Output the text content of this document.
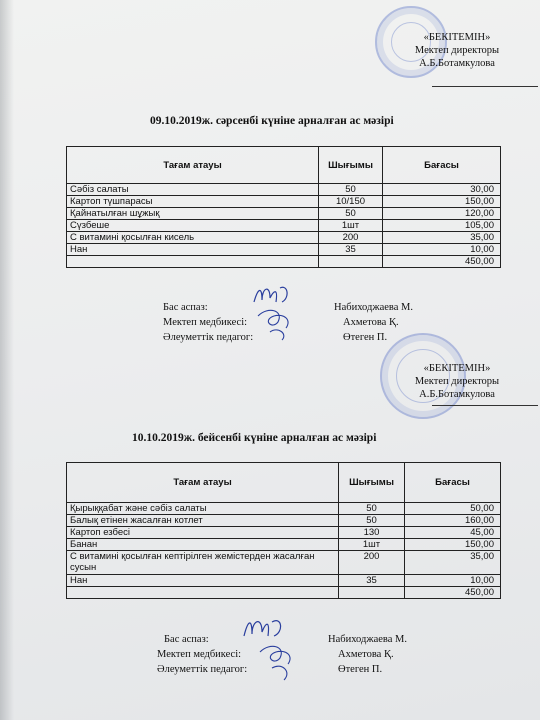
«БЕКІТЕМІН»
Мектеп директоры
А.Б.Ботамкулова
09.10.2019ж. сәрсенбі күніне арналған ас мәзірі
Тағам атауы	Шығымы	Бағасы
Сәбіз салаты	50	30,00
Картоп түшпарасы	10/150	150,00
Қайнатылған шұжық	50	120,00
Сүзбеше	1шт	105,00
С витамині қосылған кисель	200	35,00
Нан	35	10,00
		450,00
Бас аспаз:	Набиходжаева М.
Мектеп медбикесі:	Ахметова Қ.
Әлеуметтік педагог:	Өтеген П.
«БЕКІТЕМІН»
Мектеп директоры
А.Б.Ботамкулова
10.10.2019ж. бейсенбі күніне арналған ас мәзірі
Тағам атауы	Шығымы	Бағасы
Қырыққабат және сәбіз салаты	50	50,00
Балық етінен жасалған котлет	50	160,00
Картоп езбесі	130	45,00
Банан	1шт	150,00
С витамині қосылған кептірілген жемістерден жасалған сусын	200	35,00
Нан	35	10,00
		450,00
Бас аспаз:	Набиходжаева М.
Мектеп медбикесі:	Ахметова Қ.
Әлеуметтік педагог:	Өтеген П.
